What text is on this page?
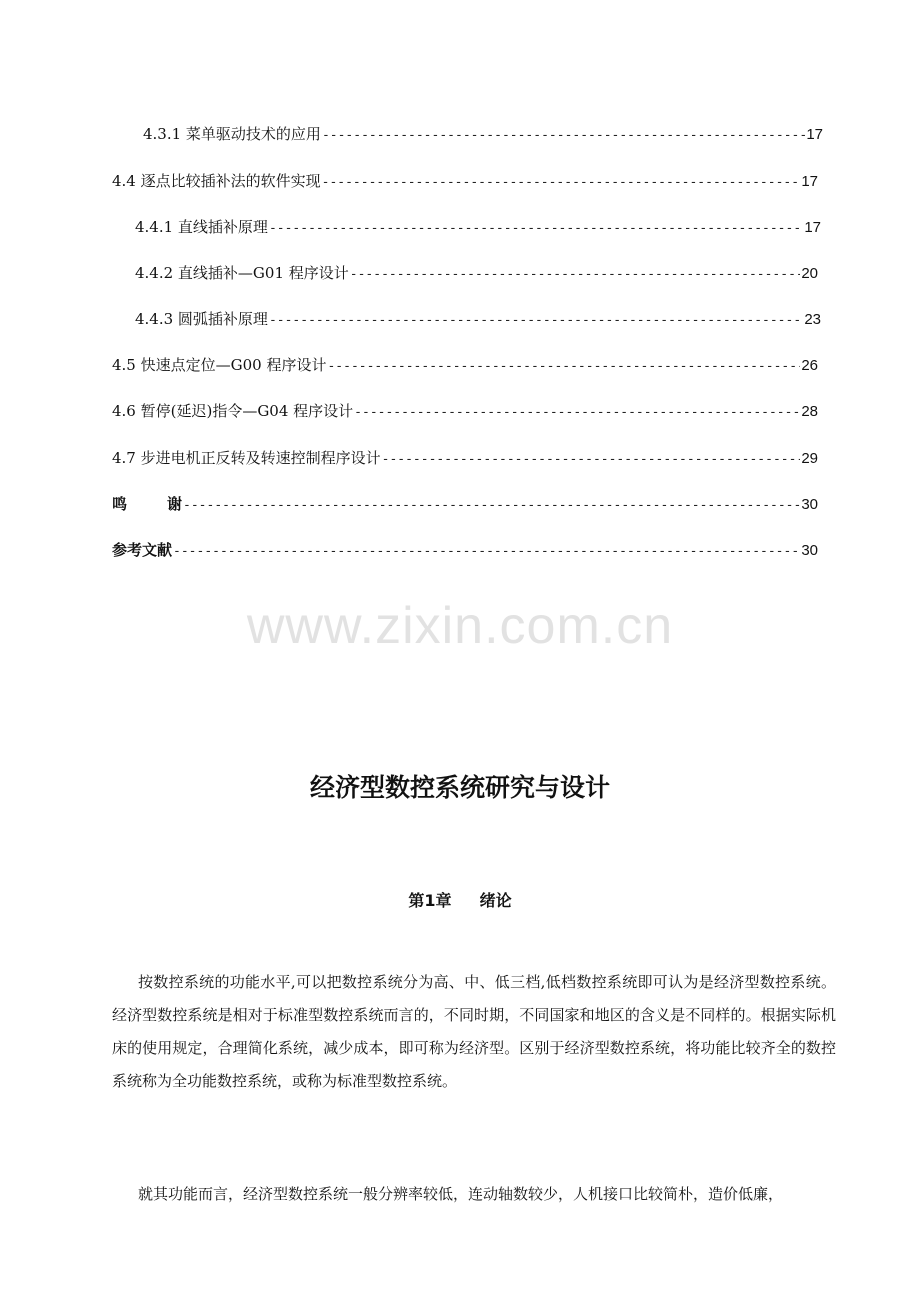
4.3.1 菜单驱动技术的应用 -----	17
4.4 逐点比较插补法的软件实现 -----	17
4.4.1 直线插补原理 -----	17
4.4.2 直线插补—G01 程序设计 -----	20
4.4.3 圆弧插补原理 -----	23
4.5 快速点定位—G00 程序设计 -----	26
4.6 暂停(延迟)指令—G04 程序设计 -----	28
4.7 步进电机正反转及转速控制程序设计 -----	29
鸣	谢 -----	30
参考文献 -----	30
www.zixin.com.cn
经济型数控系统研究与设计
第1章 绪论
按数控系统的功能水平,可以把数控系统分为高、中、低三档,低档数控系统即可认为是经济型数控系统。经济型数控系统是相对于标准型数控系统而言的，不同时期，不同国家和地区的含义是不同样的。根据实际机床的使用规定，合理简化系统，减少成本，即可称为经济型。区别于经济型数控系统，将功能比较齐全的数控系统称为全功能数控系统，或称为标准型数控系统。
就其功能而言，经济型数控系统一般分辨率较低，连动轴数较少，人机接口比较简朴，造价低廉，
